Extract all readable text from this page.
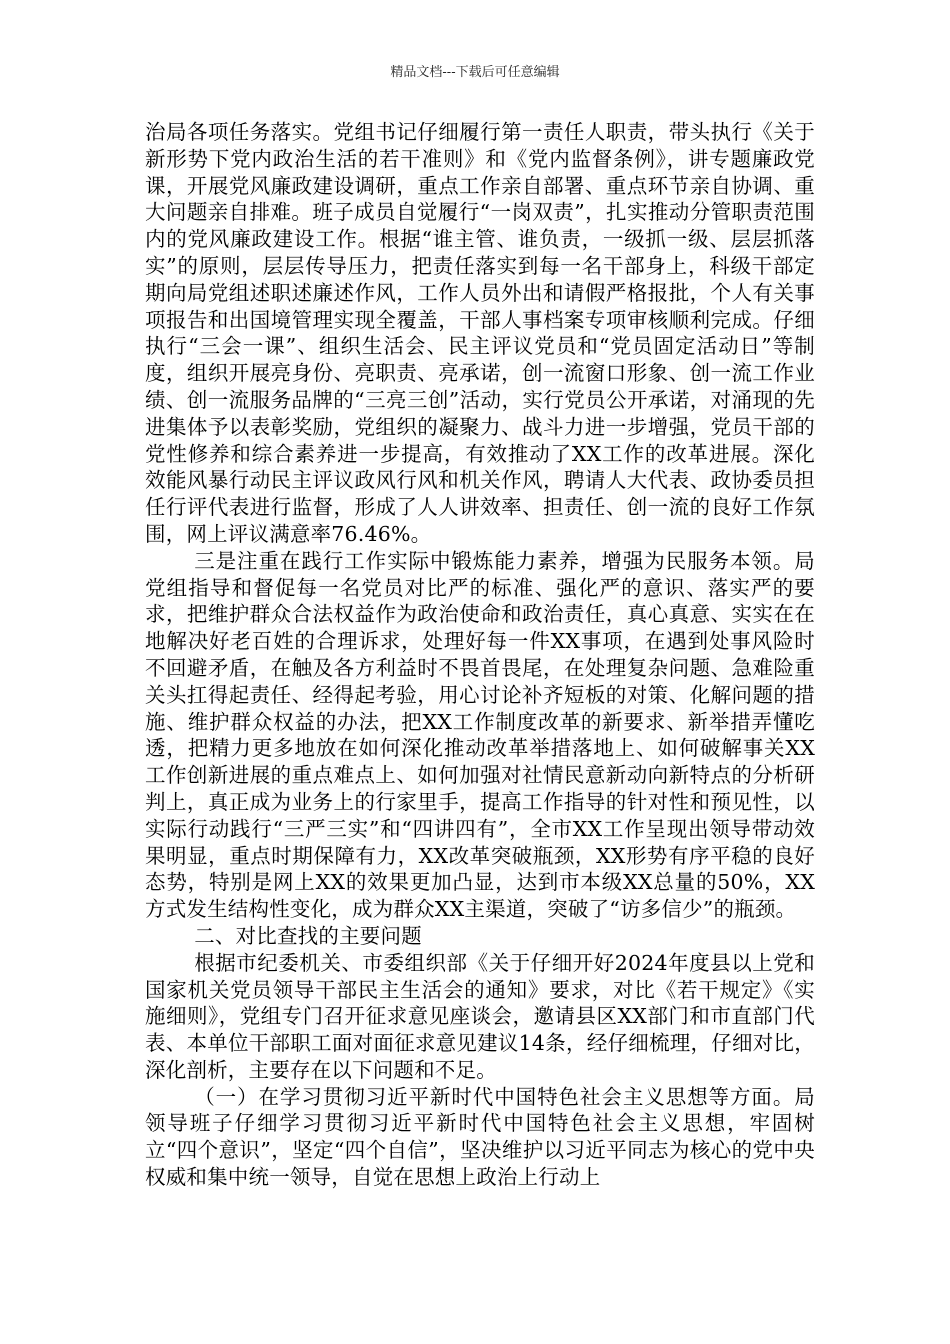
精品文档---下载后可任意编辑

治局各项任务落实。党组书记仔细履行第一责任人职责，带头执行《关于新形势下党内政治生活的若干准则》和《党内监督条例》，讲专题廉政党课，开展党风廉政建设调研，重点工作亲自部署、重点环节亲自协调、重大问题亲自排难。班子成员自觉履行“一岗双责”，扎实推动分管职责范围内的党风廉政建设工作。根据“谁主管、谁负责，一级抓一级、层层抓落实”的原则，层层传导压力，把责任落实到每一名干部身上，科级干部定期向局党组述职述廉述作风，工作人员外出和请假严格报批，个人有关事项报告和出国境管理实现全覆盖，干部人事档案专项审核顺利完成。仔细执行“三会一课”、组织生活会、民主评议党员和“党员固定活动日”等制度，组织开展亮身份、亮职责、亮承诺，创一流窗口形象、创一流工作业绩、创一流服务品牌的“三亮三创”活动，实行党员公开承诺，对涌现的先进集体予以表彰奖励，党组织的凝聚力、战斗力进一步增强，党员干部的党性修养和综合素养进一步提高，有效推动了XX工作的改革进展。深化效能风暴行动民主评议政风行风和机关作风，聘请人大代表、政协委员担任行评代表进行监督，形成了人人讲效率、担责任、创一流的良好工作氛围，网上评议满意率76.46%。

三是注重在践行工作实际中锻炼能力素养，增强为民服务本领。局党组指导和督促每一名党员对比严的标准、强化严的意识、落实严的要求，把维护群众合法权益作为政治使命和政治责任，真心真意、实实在在地解决好老百姓的合理诉求，处理好每一件XX事项，在遇到处事风险时不回避矛盾，在触及各方利益时不畏首畏尾，在处理复杂问题、急难险重关头扛得起责任、经得起考验，用心讨论补齐短板的对策、化解问题的措施、维护群众权益的办法，把XX工作制度改革的新要求、新举措弄懂吃透，把精力更多地放在如何深化推动改革举措落地上、如何破解事关XX工作创新进展的重点难点上、如何加强对社情民意新动向新特点的分析研判上，真正成为业务上的行家里手，提高工作指导的针对性和预见性，以实际行动践行“三严三实”和“四讲四有”，全市XX工作呈现出领导带动效果明显，重点时期保障有力，XX改革突破瓶颈，XX形势有序平稳的良好态势，特别是网上XX的效果更加凸显，达到市本级XX总量的50%，XX方式发生结构性变化，成为群众XX主渠道，突破了“访多信少”的瓶颈。

二、对比查找的主要问题

根据市纪委机关、市委组织部《关于仔细开好2024年度县以上党和国家机关党员领导干部民主生活会的通知》要求，对比《若干规定》《实施细则》，党组专门召开征求意见座谈会，邀请县区XX部门和市直部门代表、本单位干部职工面对面征求意见建议14条，经仔细梳理，仔细对比，深化剖析，主要存在以下问题和不足。

（一）在学习贯彻习近平新时代中国特色社会主义思想等方面。局领导班子仔细学习贯彻习近平新时代中国特色社会主义思想，牢固树立“四个意识”，坚定“四个自信”，坚决维护以习近平同志为核心的党中央权威和集中统一领导，自觉在思想上政治上行动上
